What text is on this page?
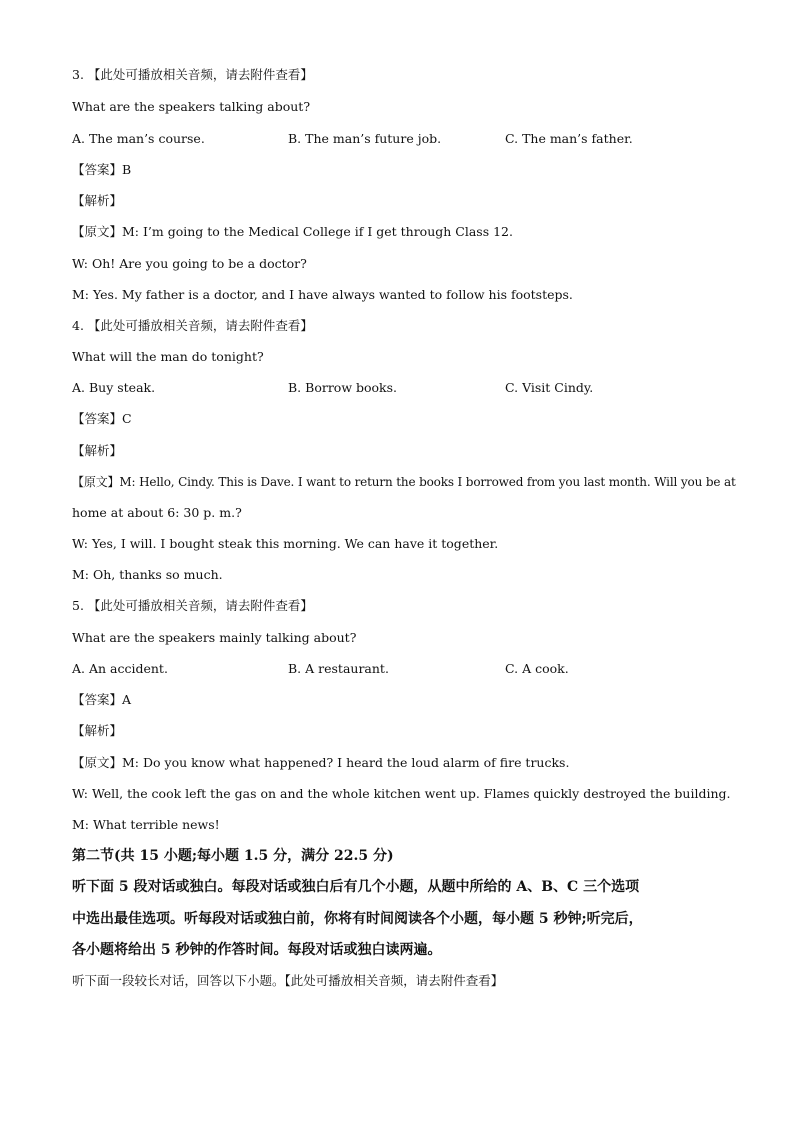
3. 【此处可播放相关音频，请去附件查看】
What are the speakers talking about?
A. The man’s course.	B. The man’s future job.	C. The man’s father.
【答案】B
【解析】
【原文】M: I’m going to the Medical College if I get through Class 12.
W: Oh! Are you going to be a doctor?
M: Yes. My father is a doctor, and I have always wanted to follow his footsteps.
4. 【此处可播放相关音频，请去附件查看】
What will the man do tonight?
A. Buy steak.	B. Borrow books.	C. Visit Cindy.
【答案】C
【解析】
【原文】M: Hello, Cindy. This is Dave. I want to return the books I borrowed from you last month. Will you be at
home at about 6: 30 p. m.?
W: Yes, I will. I bought steak this morning. We can have it together.
M: Oh, thanks so much.
5. 【此处可播放相关音频，请去附件查看】
What are the speakers mainly talking about?
A. An accident.	B. A restaurant.	C. A cook.
【答案】A
【解析】
【原文】M: Do you know what happened? I heard the loud alarm of fire trucks.
W: Well, the cook left the gas on and the whole kitchen went up. Flames quickly destroyed the building.
M: What terrible news!
第二节(共 15 小题;每小题 1.5 分，满分 22.5 分)
听下面 5 段对话或独白。每段对话或独白后有几个小题，从题中所给的 A、B、C 三个选项
中选出最佳选项。听每段对话或独白前，你将有时间阅读各个小题，每小题 5 秒钟;听完后，
各小题将给出 5 秒钟的作答时间。每段对话或独白读两遍。
听下面一段较长对话，回答以下小题。【此处可播放相关音频，请去附件查看】
